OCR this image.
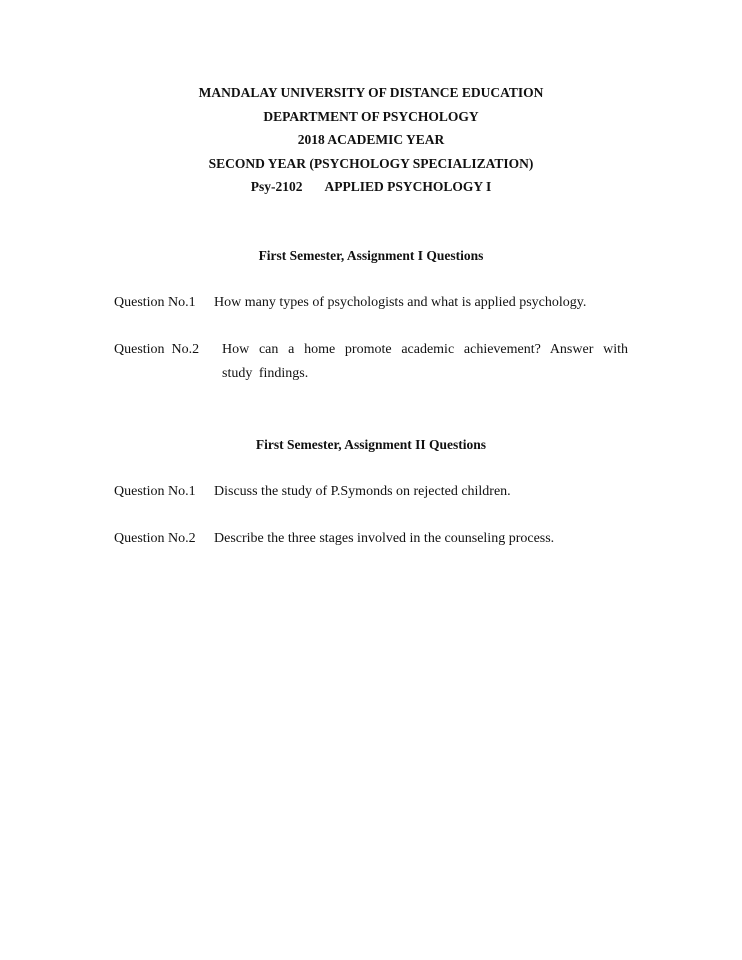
MANDALAY UNIVERSITY OF DISTANCE EDUCATION
DEPARTMENT OF PSYCHOLOGY
2018 ACADEMIC YEAR
SECOND YEAR (PSYCHOLOGY SPECIALIZATION)
Psy-2102 APPLIED PSYCHOLOGY I
First Semester, Assignment I Questions
Question No.1 How many types of psychologists and what is applied psychology.
Question  No.2 How can a home promote academic achievement? Answer with study findings.
First Semester, Assignment II Questions
Question No.1 Discuss the study of P.Symonds on rejected children.
Question No.2 Describe the three stages involved in the counseling process.
